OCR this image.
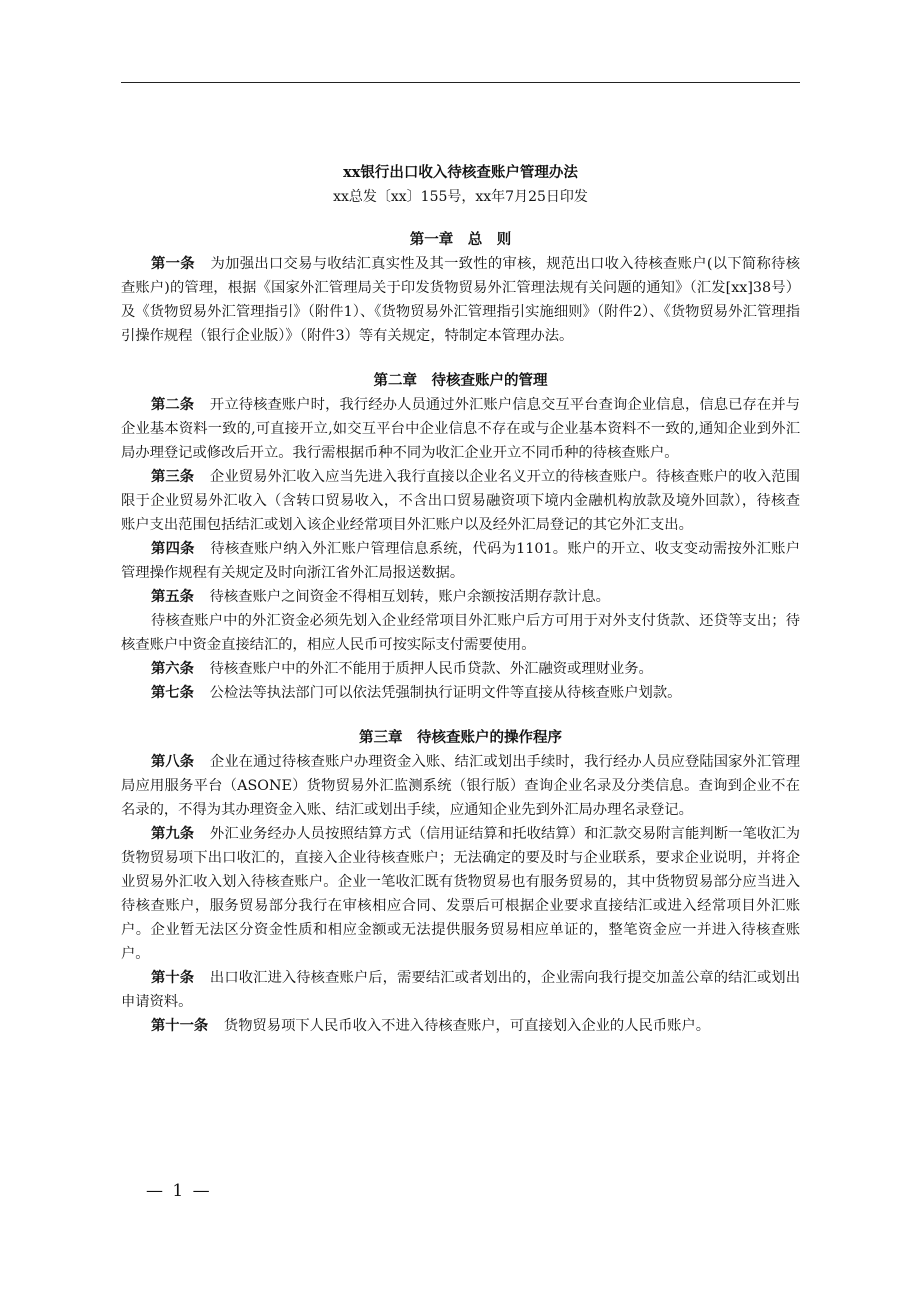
xx银行出口收入待核查账户管理办法

xx总发〔xx〕155号，xx年7月25日印发

第一章　总　则

第一条 为加强出口交易与收结汇真实性及其一致性的审核，规范出口收入待核查账户(以下简称待核查账户)的管理，根据《国家外汇管理局关于印发货物贸易外汇管理法规有关问题的通知》（汇发[xx]38号）及《货物贸易外汇管理指引》（附件1）、《货物贸易外汇管理指引实施细则》（附件2）、《货物贸易外汇管理指引操作规程（银行企业版）》（附件3）等有关规定，特制定本管理办法。

第二章　待核查账户的管理

第二条 开立待核查账户时，我行经办人员通过外汇账户信息交互平台查询企业信息，信息已存在并与企业基本资料一致的,可直接开立,如交互平台中企业信息不存在或与企业基本资料不一致的,通知企业到外汇局办理登记或修改后开立。我行需根据币种不同为收汇企业开立不同币种的待核查账户。

第三条 企业贸易外汇收入应当先进入我行直接以企业名义开立的待核查账户。待核查账户的收入范围限于企业贸易外汇收入（含转口贸易收入，不含出口贸易融资项下境内金融机构放款及境外回款），待核查账户支出范围包括结汇或划入该企业经常项目外汇账户以及经外汇局登记的其它外汇支出。

第四条 待核查账户纳入外汇账户管理信息系统，代码为1101。账户的开立、收支变动需按外汇账户管理操作规程有关规定及时向浙江省外汇局报送数据。

第五条 待核查账户之间资金不得相互划转，账户余额按活期存款计息。

待核查账户中的外汇资金必须先划入企业经常项目外汇账户后方可用于对外支付货款、还贷等支出；待核查账户中资金直接结汇的，相应人民币可按实际支付需要使用。

第六条 待核查账户中的外汇不能用于质押人民币贷款、外汇融资或理财业务。

第七条 公检法等执法部门可以依法凭强制执行证明文件等直接从待核查账户划款。

第三章　待核查账户的操作程序

第八条 企业在通过待核查账户办理资金入账、结汇或划出手续时，我行经办人员应登陆国家外汇管理局应用服务平台（ASONE）货物贸易外汇监测系统（银行版）查询企业名录及分类信息。查询到企业不在名录的，不得为其办理资金入账、结汇或划出手续，应通知企业先到外汇局办理名录登记。

第九条 外汇业务经办人员按照结算方式（信用证结算和托收结算）和汇款交易附言能判断一笔收汇为货物贸易项下出口收汇的，直接入企业待核查账户；无法确定的要及时与企业联系，要求企业说明，并将企业贸易外汇收入划入待核查账户。企业一笔收汇既有货物贸易也有服务贸易的，其中货物贸易部分应当进入待核查账户，服务贸易部分我行在审核相应合同、发票后可根据企业要求直接结汇或进入经常项目外汇账户。企业暂无法区分资金性质和相应金额或无法提供服务贸易相应单证的，整笔资金应一并进入待核查账户。

第十条 出口收汇进入待核查账户后，需要结汇或者划出的，企业需向我行提交加盖公章的结汇或划出申请资料。

第十一条 货物贸易项下人民币收入不进入待核查账户，可直接划入企业的人民币账户。

— 1 —
